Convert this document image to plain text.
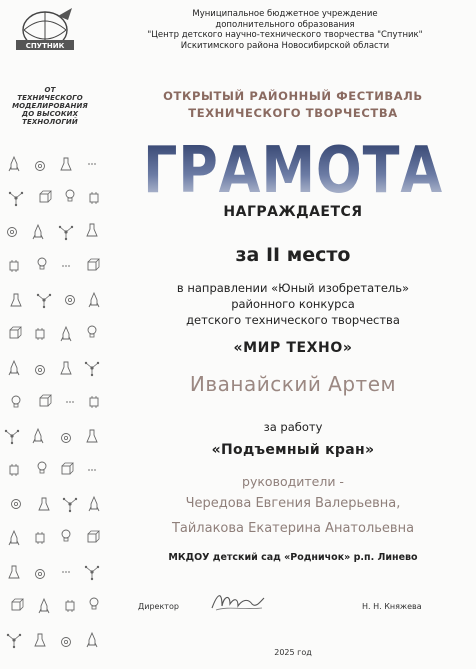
СПУТНИК
ОТ ТЕХНИЧЕСКОГО
МОДЕЛИРОВАНИЯ
ДО ВЫСОКИХ
ТЕХНОЛОГИЙ
Муниципальное бюджетное учреждение
дополнительного образования
"Центр детского научно-технического творчества "Спутник"
Искитимского района Новосибирской области
ОТКРЫТЫЙ РАЙОННЫЙ ФЕСТИВАЛЬ
ТЕХНИЧЕСКОГО ТВОРЧЕСТВА
ГРАМОТА
НАГРАЖДАЕТСЯ
за II место
в направлении «Юный изобретатель»
районного конкурса
детского технического творчества
«МИР ТЕХНО»
Иванайский Артем
за работу
«Подъемный кран»
руководители -
Чередова Евгения Валерьевна,
Тайлакова Екатерина Анатольевна
МКДОУ детский сад «Родничок» р.п. Линево
Директор	Н. Н. Княжева
2025 год
